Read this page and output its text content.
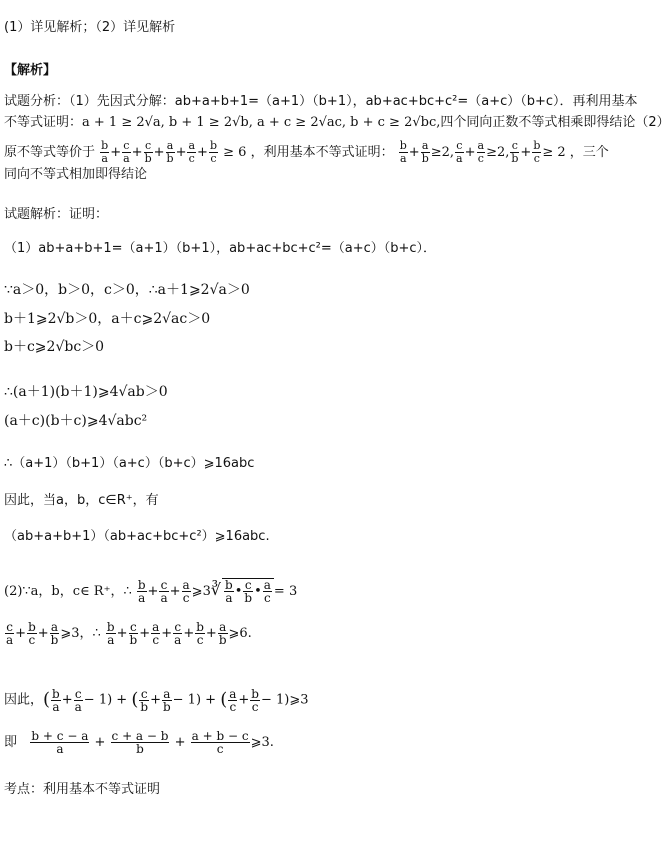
(1）详见解析；（2）详见解析
【解析】
试题分析：（1）先因式分解：ab+a+b+1=（a+1）（b+1），ab+ac+bc+c²=（a+c）（b+c）．再利用基本
不等式证明：a + 1 ≥ 2√a, b + 1 ≥ 2√b, a + c ≥ 2√ac, b + c ≥ 2√bc,四个同向正数不等式相乘即得结论（2）
原不等式等价于 $\frac{b}{a} + \frac{c}{a} + \frac{c}{b} + \frac{a}{b} + \frac{a}{c} + \frac{b}{c} \ge 6$ ，利用基本不等式证明： $\frac{b}{a} + \frac{a}{b} \ge 2$, $\frac{c}{a} + \frac{a}{c} \ge 2$, $\frac{c}{b} + \frac{b}{c} \ge 2$ ，三个
同向不等式相加即得结论
试题解析：证明：
（1）ab+a+b+1=（a+1）（b+1），ab+ac+bc+c²=（a+c）（b+c）．
∵a＞0，b＞0，c＞0，∴a＋1⩾2√a＞0
b＋1⩾2√b＞0，a＋c⩾2√ac＞0
b＋c⩾2√bc＞0
∴(a＋1)(b＋1)⩾4√ab＞0
(a＋c)(b＋c)⩾4√abc²
∴（a+1）（b+1）（a+c）（b+c）⩾16abc
因此，当a，b，c∈R⁺，有
（ab+a+b+1）（ab+ac+bc+c²）⩾16abc.
(2)∵a，b，c∈ R⁺，∴ $\frac{b}{a} + \frac{c}{a} + \frac{a}{c}$ ⩾3∛ $\frac{b}{a}$ • $\frac{c}{b}$ • $\frac{a}{c} = 3$
$\frac{c}{a} + \frac{b}{c} + \frac{a}{b}$ ⩾3，∴ $\frac{b}{a} + \frac{c}{b} + \frac{a}{c} + \frac{c}{a} + \frac{b}{c} + \frac{a}{b}$ ⩾6.
因此，( $\frac{b}{a} + \frac{c}{a} - 1$) + ( $\frac{c}{b} + \frac{a}{b} - 1$) + ( $\frac{a}{c} + \frac{b}{c}$ − 1)⩾3
即 $\frac{b + c - a}{a} + \frac{c + a - b}{b} + \frac{a + b - c}{c}$ ⩾3.
考点：利用基本不等式证明
